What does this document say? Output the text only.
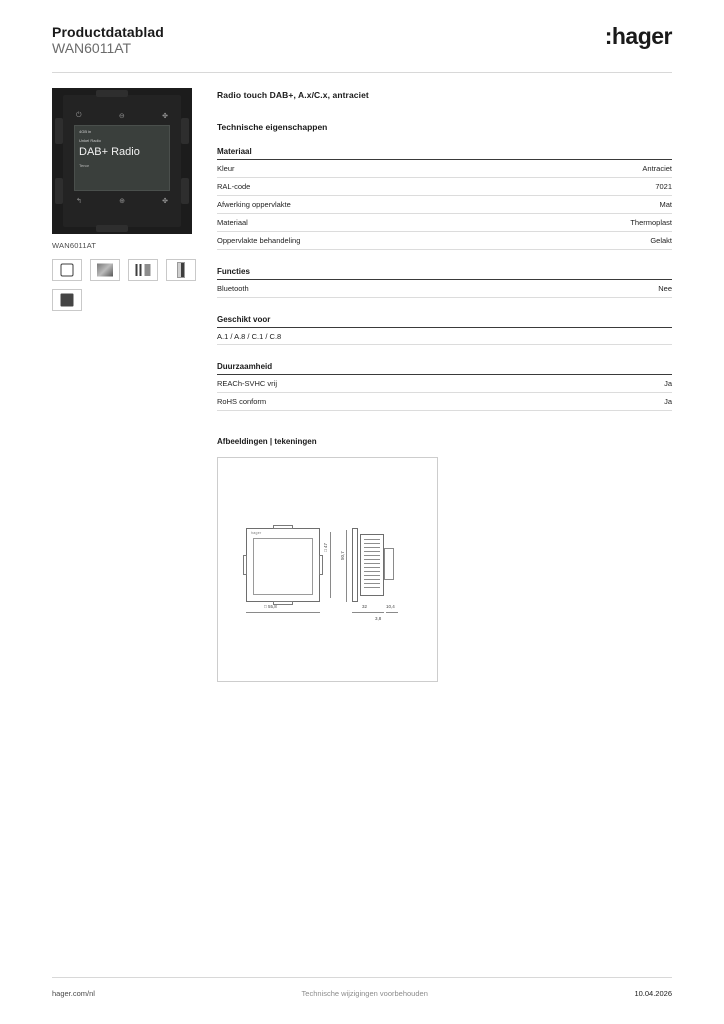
Productdatablad
WAN6011AT	:hager
⏻	⊖	✤
4GB in
Unkel Radio
DAB+ Radio
Tenor
↰	⊕	✤
WAN6011AT
Radio touch DAB+, A.x/C.x, antraciet
Technische eigenschappen
Materiaal
Kleur	Antraciet
RAL-code	7021
Afwerking oppervlakte	Mat
Materiaal	Thermoplast
Oppervlakte behandeling	Gelakt
Functies
Bluetooth	Nee
Geschikt voor
A.1 / A.8 / C.1 / C.8
Duurzaamheid
REACh-SVHC vrij	Ja
RoHS conform	Ja
Afbeeldingen | tekeningen
hager
□ 47
□ 55,8
50,7
32	10,4
3,8
hager.com/nl	Technische wijzigingen voorbehouden	10.04.2026
